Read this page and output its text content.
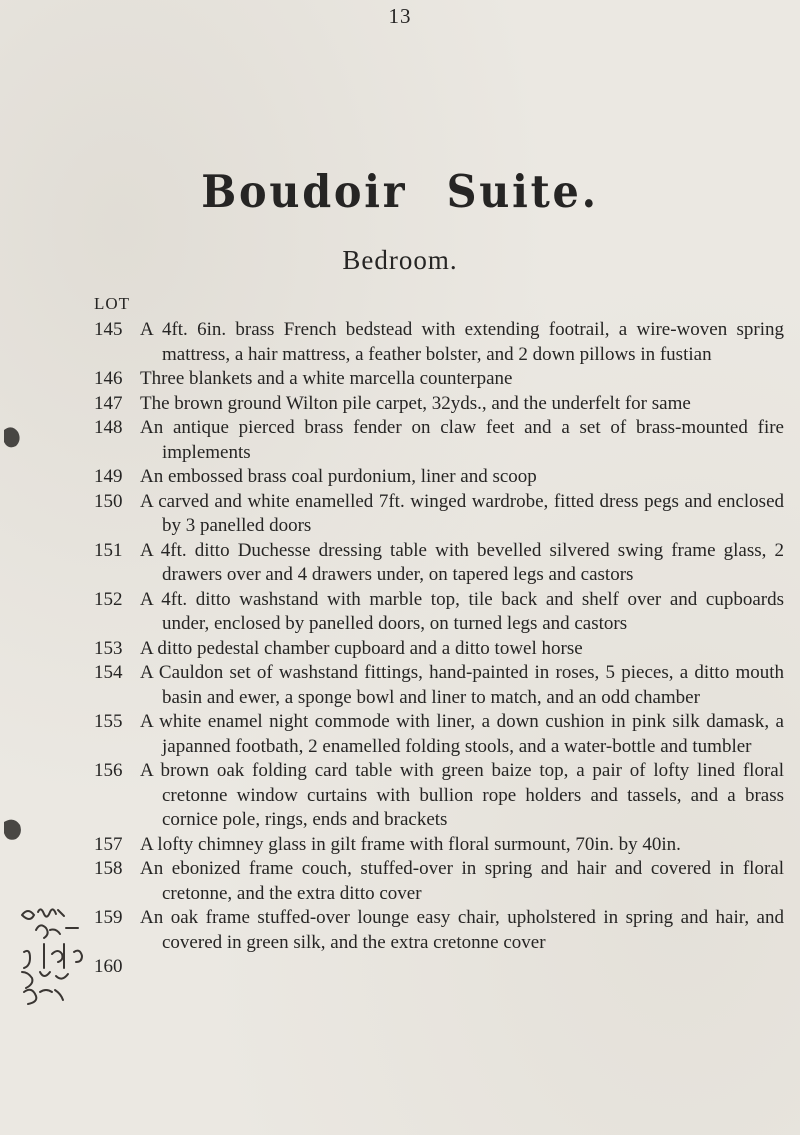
13
Boudoir Suite.
Bedroom.
LOT
145 A 4ft. 6in. brass French bedstead with extending footrail, a wire-woven spring mattress, a hair mattress, a feather bolster, and 2 down pillows in fustian
146 Three blankets and a white marcella counterpane
147 The brown ground Wilton pile carpet, 32yds., and the underfelt for same
148 An antique pierced brass fender on claw feet and a set of brass-mounted fire implements
149 An embossed brass coal purdonium, liner and scoop
150 A carved and white enamelled 7ft. winged wardrobe, fitted dress pegs and enclosed by 3 panelled doors
151 A 4ft. ditto Duchesse dressing table with bevelled silvered swing frame glass, 2 drawers over and 4 drawers under, on tapered legs and castors
152 A 4ft. ditto washstand with marble top, tile back and shelf over and cupboards under, enclosed by panelled doors, on turned legs and castors
153 A ditto pedestal chamber cupboard and a ditto towel horse
154 A Cauldon set of washstand fittings, hand-painted in roses, 5 pieces, a ditto mouth basin and ewer, a sponge bowl and liner to match, and an odd chamber
155 A white enamel night commode with liner, a down cushion in pink silk damask, a japanned footbath, 2 enamelled folding stools, and a water-bottle and tumbler
156 A brown oak folding card table with green baize top, a pair of lofty lined floral cretonne window curtains with bullion rope holders and tassels, and a brass cornice pole, rings, ends and brackets
157 A lofty chimney glass in gilt frame with floral surmount, 70in. by 40in.
158 An ebonized frame couch, stuffed-over in spring and hair and covered in floral cretonne, and the extra ditto cover
159 An oak frame stuffed-over lounge easy chair, upholstered in spring and hair, and covered in green silk, and the extra cretonne cover
160
